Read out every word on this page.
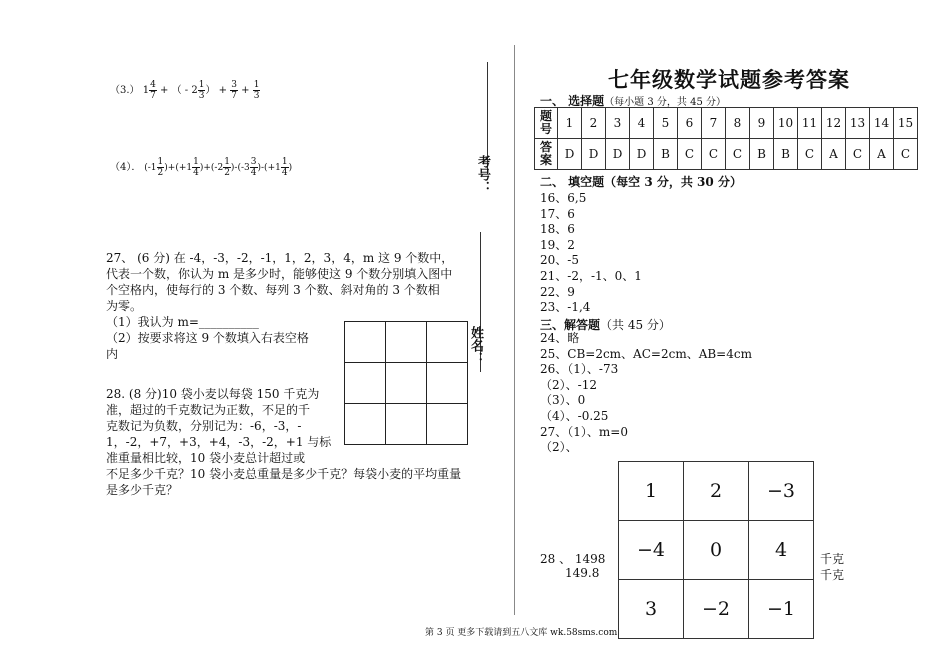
（3.） $1 \frac{4}{7}$ + （ - $2 \frac{1}{3}$ ） + $\frac{3}{7} + \frac{1}{3}$
（4）． $(-1 \frac{1}{2} )+(+1 \frac{1}{4} )+(-2 \frac{1}{2} )-(-3 \frac{3}{4} )-(+1 \frac{1}{4}$ )
27、 (6 分) 在 -4，-3，-2，-1，1，2，3，4，m 这 9 个数中，
代表一个数，你认为 m 是多少时，能够使这 9 个数分别填入图中
个空格内，使每行的 3 个数、每列 3 个数、斜对角的 3 个数相
为零。
（1）我认为 m=__________
（2）按要求将这 9 个数填入右表空格
内
28. (8 分)10 袋小麦以每袋 150 千克为
准，超过的千克数记为正数，不足的千
克数记为负数，分别记为：-6，-3，-
1，-2，+7，+3，+4，-3，-2，+1 与标
准重量相比较，10 袋小麦总计超过或
不足多少千克？10 袋小麦总重量是多少千克？每袋小麦的平均重量
是多少千克？
考号：
姓名：
七年级数学试题参考答案
一、 选择题（每小题 3 分，共 45 分）
题号	1	2	3	4	5	6	7	8	9	10	11	12	13	14	15
答案	D	D	D	D	B	C	C	C	B	B	C	A	C	A	C
二、 填空题（每空 3 分，共 30 分）
16、6,5
17、6
18、6
19、2
20、-5
21、-2，-1、0、1
22、9
23、-1,4
三、解答题（共 45 分）
24、略
25、CB=2cm、AC=2cm、AB=4cm
26、（1）、-73
（2）、-12
（3）、0
（4）、-0.25
27、（1）、m=0
（2）、
1	2	−3
−4	0	4
3	−2	−1
28 、 1498
149.8
千克
千克
第 3 页 更多下载请到五八文库 wk.58sms.com
